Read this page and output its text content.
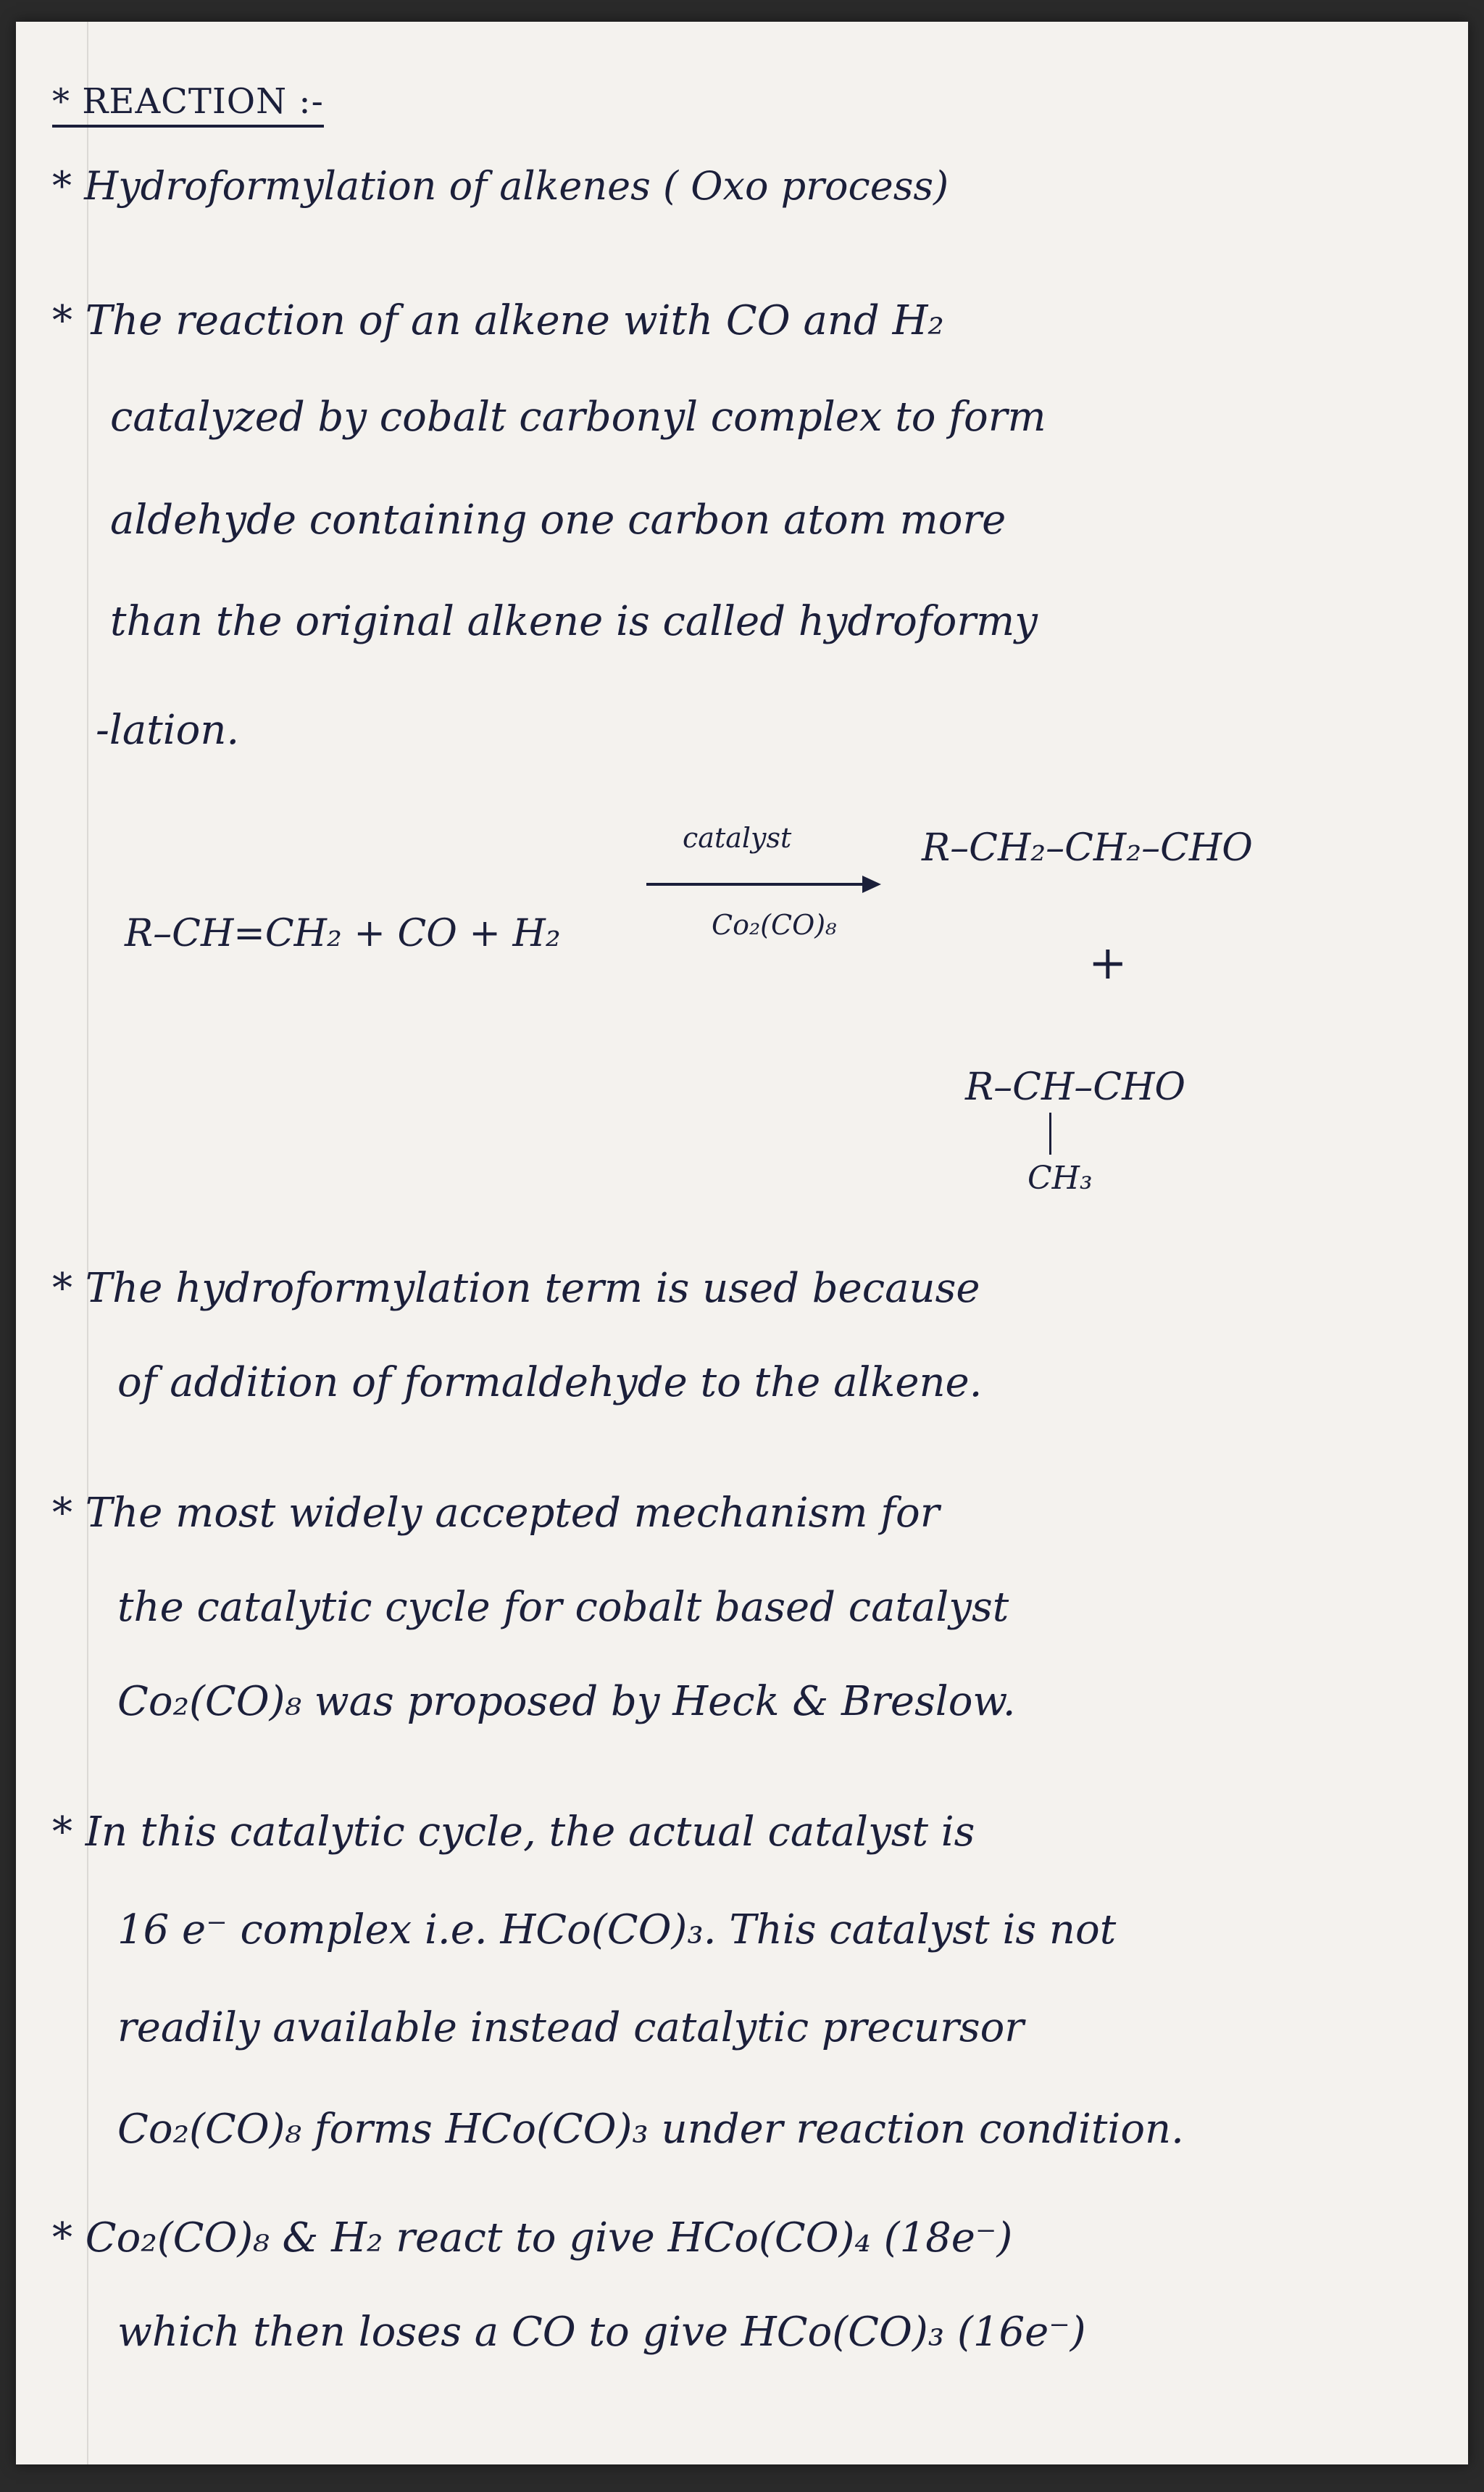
* REACTION :-
* Hydroformylation of alkenes ( Oxo process)
* The reaction of an alkene with CO and H₂
catalyzed by cobalt carbonyl complex to form
aldehyde containing one carbon atom more
than the original alkene is called hydroformy
-lation.
R–CH=CH₂ + CO + H₂
catalyst
Co₂(CO)₈
R–CH₂–CH₂–CHO
+
R–CH–CHO
CH₃
* The hydroformylation term is used because
of addition of formaldehyde to the alkene.
* The most widely accepted mechanism for
the catalytic cycle for cobalt based catalyst
Co₂(CO)₈ was proposed by Heck & Breslow.
* In this catalytic cycle, the actual catalyst is
16 e⁻ complex i.e. HCo(CO)₃. This catalyst is not
readily available instead catalytic precursor
Co₂(CO)₈ forms HCo(CO)₃ under reaction condition.
* Co₂(CO)₈ & H₂ react to give HCo(CO)₄ (18e⁻)
which then loses a CO to give HCo(CO)₃ (16e⁻)
